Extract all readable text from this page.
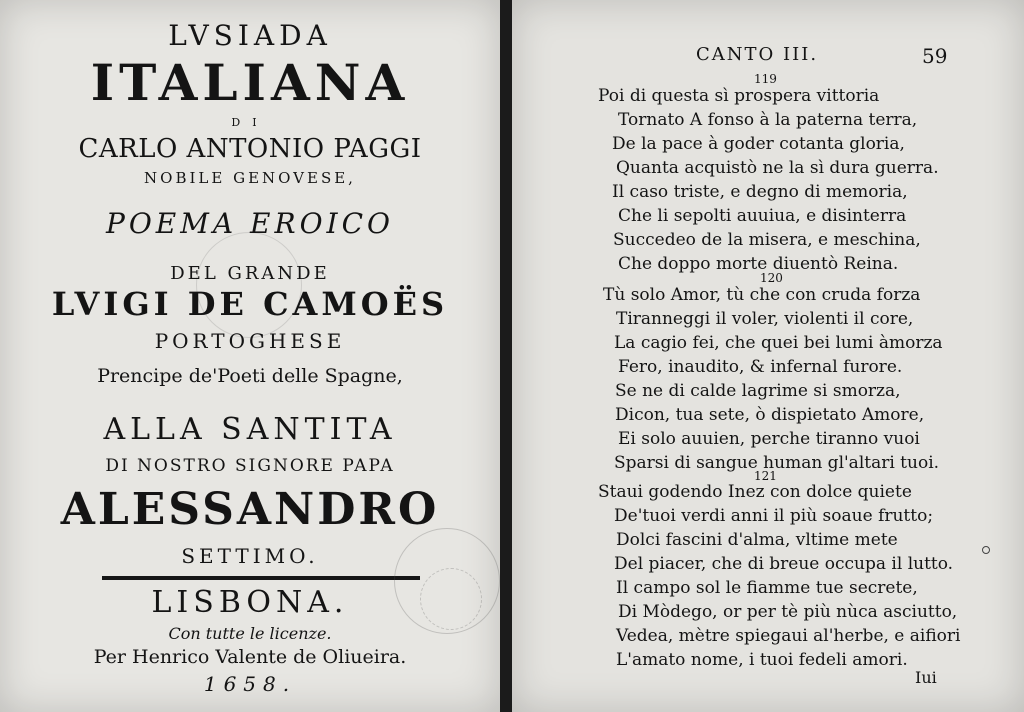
LVSIADA
ITALIANA
DI
CARLO ANTONIO PAGGI
NOBILE GENOVESE,
POEMA EROICO
DEL GRANDE
LVIGI DE CAMOËS
PORTOGHESE
Prencipe de'Poeti delle Spagne,
ALLA SANTITA
DI NOSTRO SIGNORE PAPA
ALESSANDRO
SETTIMO.
LISBONA.
Con tutte le licenze.
Per Henrico Valente de Oliueira.
1658.
CANTO III.	59
119
Poi di questa sì prospera vittoria
Tornato A fonso à la paterna terra,
De la pace à goder cotanta gloria,
Quanta acquistò ne la sì dura guerra.
Il caso triste, e degno di memoria,
Che li sepolti auuiua, e disinterra
Succedeo de la misera, e meschina,
Che doppo morte diuentò Reina.
120
Tù solo Amor, tù che con cruda forza
Tiranneggi il voler, violenti il core,
La cagio fei, che quei bei lumi àmorza
Fero, inaudito, & infernal furore.
Se ne di calde lagrime si smorza,
Dicon, tua sete, ò dispietato Amore,
Ei solo auuien, perche tiranno vuoi
Sparsi di sangue human gl'altari tuoi.
121
Staui godendo Inez con dolce quiete
De'tuoi verdi anni il più soaue frutto;
Dolci fascini d'alma, vltime mete
Del piacer, che di breue occupa il lutto.
Il campo sol le fiamme tue secrete,
Di Mòdego, or per tè più nùca asciutto,
Vedea, mètre spiegaui al'herbe, e aifiori
L'amato nome, i tuoi fedeli amori.
Iui
